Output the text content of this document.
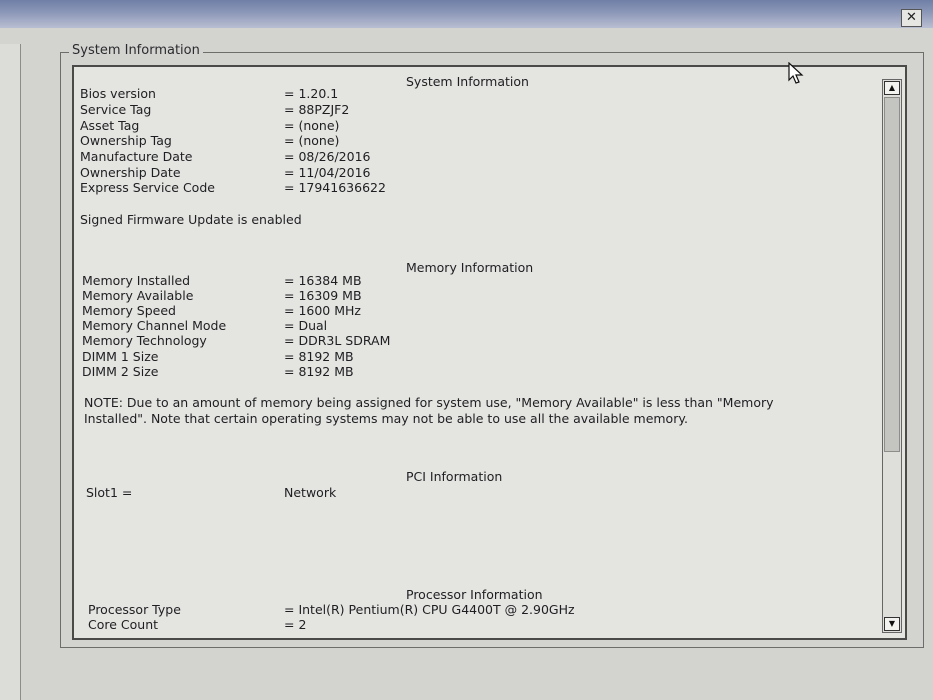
✕
System Information
System Information
Bios version	= 1.20.1
Service Tag	= 88PZJF2
Asset Tag	= (none)
Ownership Tag	= (none)
Manufacture Date	= 08/26/2016
Ownership Date	= 11/04/2016
Express Service Code	= 17941636622
Signed Firmware Update is enabled
Memory Information
Memory Installed	= 16384 MB
Memory Available	= 16309 MB
Memory Speed	= 1600 MHz
Memory Channel Mode	= Dual
Memory Technology	= DDR3L SDRAM
DIMM 1 Size	= 8192 MB
DIMM 2 Size	= 8192 MB
NOTE: Due to an amount of memory being assigned for system use, "Memory Available" is less than "Memory Installed". Note that certain operating systems may not be able to use all the available memory.
PCI Information
Slot1 =	Network
Processor Information
Processor Type	= Intel(R) Pentium(R) CPU G4400T @ 2.90GHz
Core Count	= 2
▲
▼
